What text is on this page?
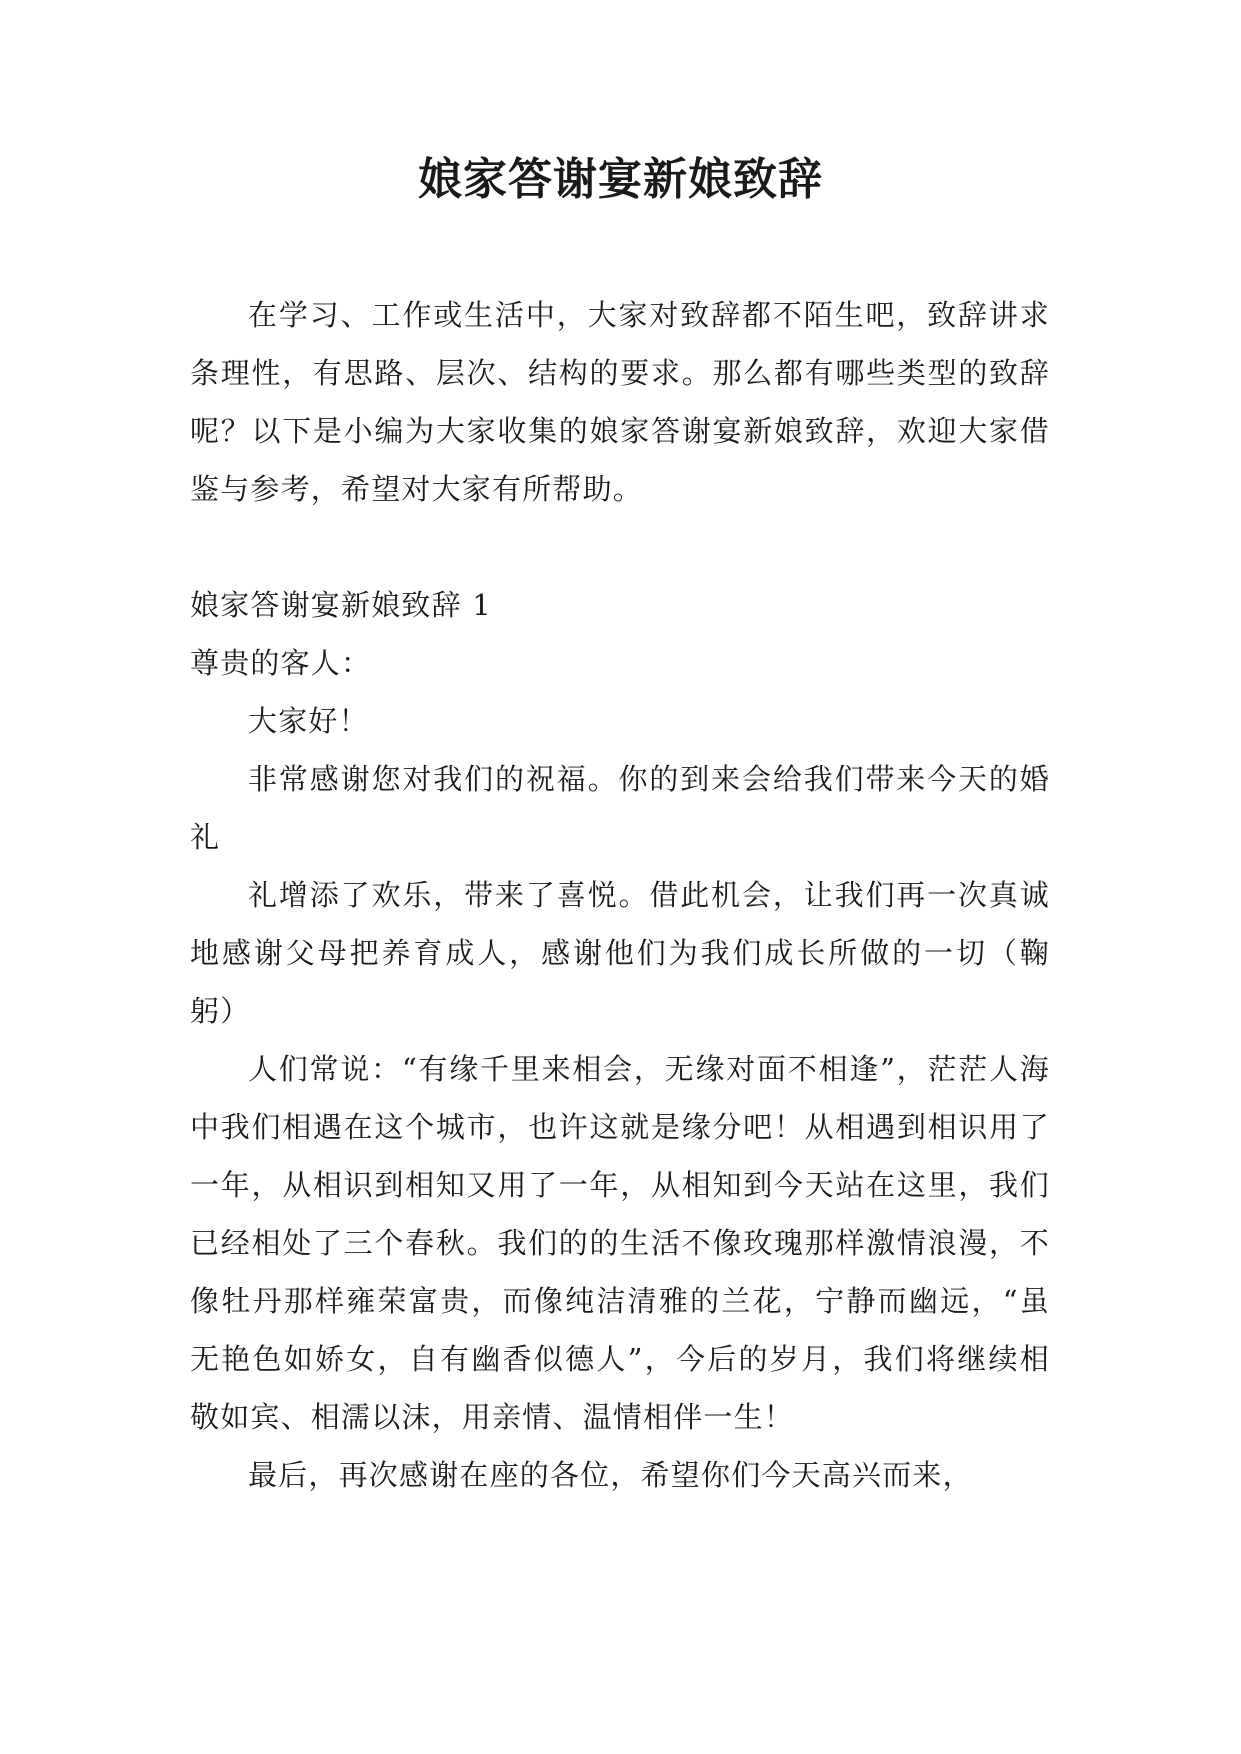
娘家答谢宴新娘致辞

在学习、工作或生活中，大家对致辞都不陌生吧，致辞讲求条理性，有思路、层次、结构的要求。那么都有哪些类型的致辞呢？以下是小编为大家收集的娘家答谢宴新娘致辞，欢迎大家借鉴与参考，希望对大家有所帮助。

娘家答谢宴新娘致辞 1

尊贵的客人：

大家好！

非常感谢您对我们的祝福。你的到来会给我们带来今天的婚礼

礼增添了欢乐，带来了喜悦。借此机会，让我们再一次真诚地感谢父母把养育成人，感谢他们为我们成长所做的一切（鞠躬）

人们常说：“有缘千里来相会，无缘对面不相逢”，茫茫人海中我们相遇在这个城市，也许这就是缘分吧！从相遇到相识用了一年，从相识到相知又用了一年，从相知到今天站在这里，我们已经相处了三个春秋。我们的的生活不像玫瑰那样激情浪漫，不像牡丹那样雍荣富贵，而像纯洁清雅的兰花，宁静而幽远，“虽无艳色如娇女，自有幽香似德人”，今后的岁月，我们将继续相敬如宾、相濡以沫，用亲情、温情相伴一生！

最后，再次感谢在座的各位，希望你们今天高兴而来，
